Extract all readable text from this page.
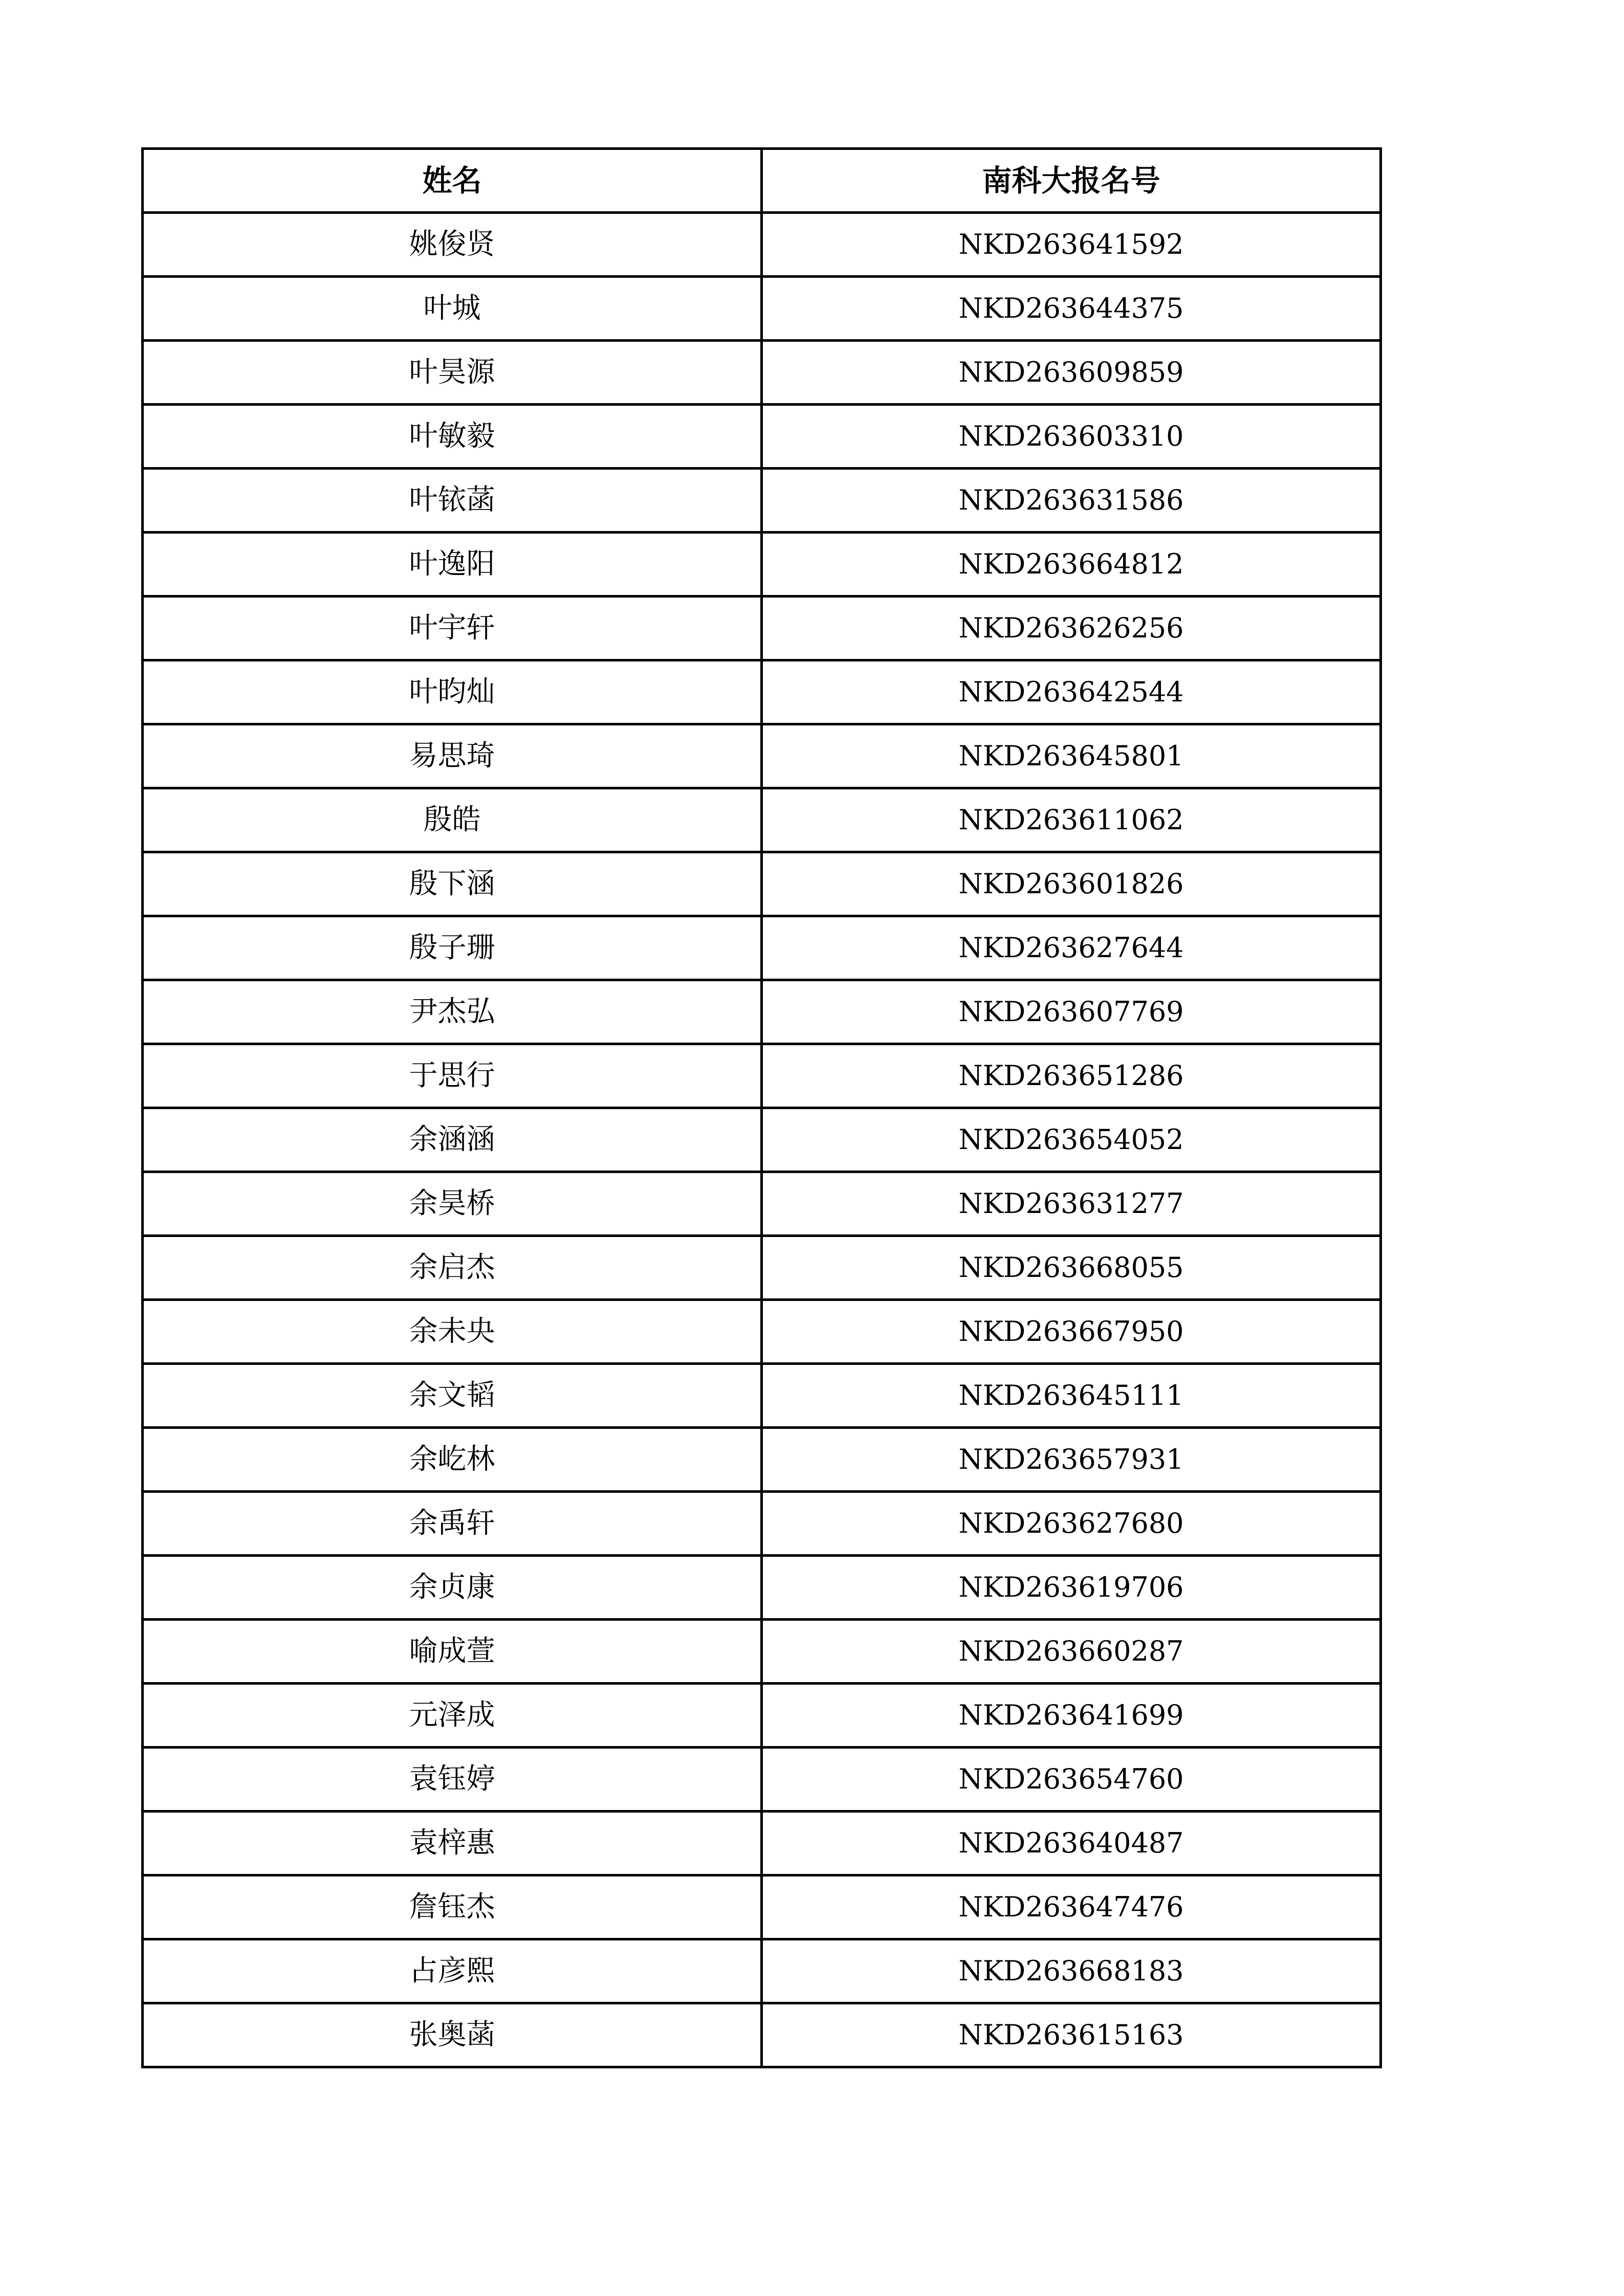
姓名	南科大报名号
姚俊贤	NKD263641592
叶城	NKD263644375
叶昊源	NKD263609859
叶敏毅	NKD263603310
叶铱菡	NKD263631586
叶逸阳	NKD263664812
叶宇轩	NKD263626256
叶昀灿	NKD263642544
易思琦	NKD263645801
殷皓	NKD263611062
殷下涵	NKD263601826
殷子珊	NKD263627644
尹杰弘	NKD263607769
于思行	NKD263651286
余涵涵	NKD263654052
余昊桥	NKD263631277
余启杰	NKD263668055
余未央	NKD263667950
余文韬	NKD263645111
余屹林	NKD263657931
余禹轩	NKD263627680
余贞康	NKD263619706
喻成萱	NKD263660287
元泽成	NKD263641699
袁钰婷	NKD263654760
袁梓惠	NKD263640487
詹钰杰	NKD263647476
占彦熙	NKD263668183
张奥菡	NKD263615163
